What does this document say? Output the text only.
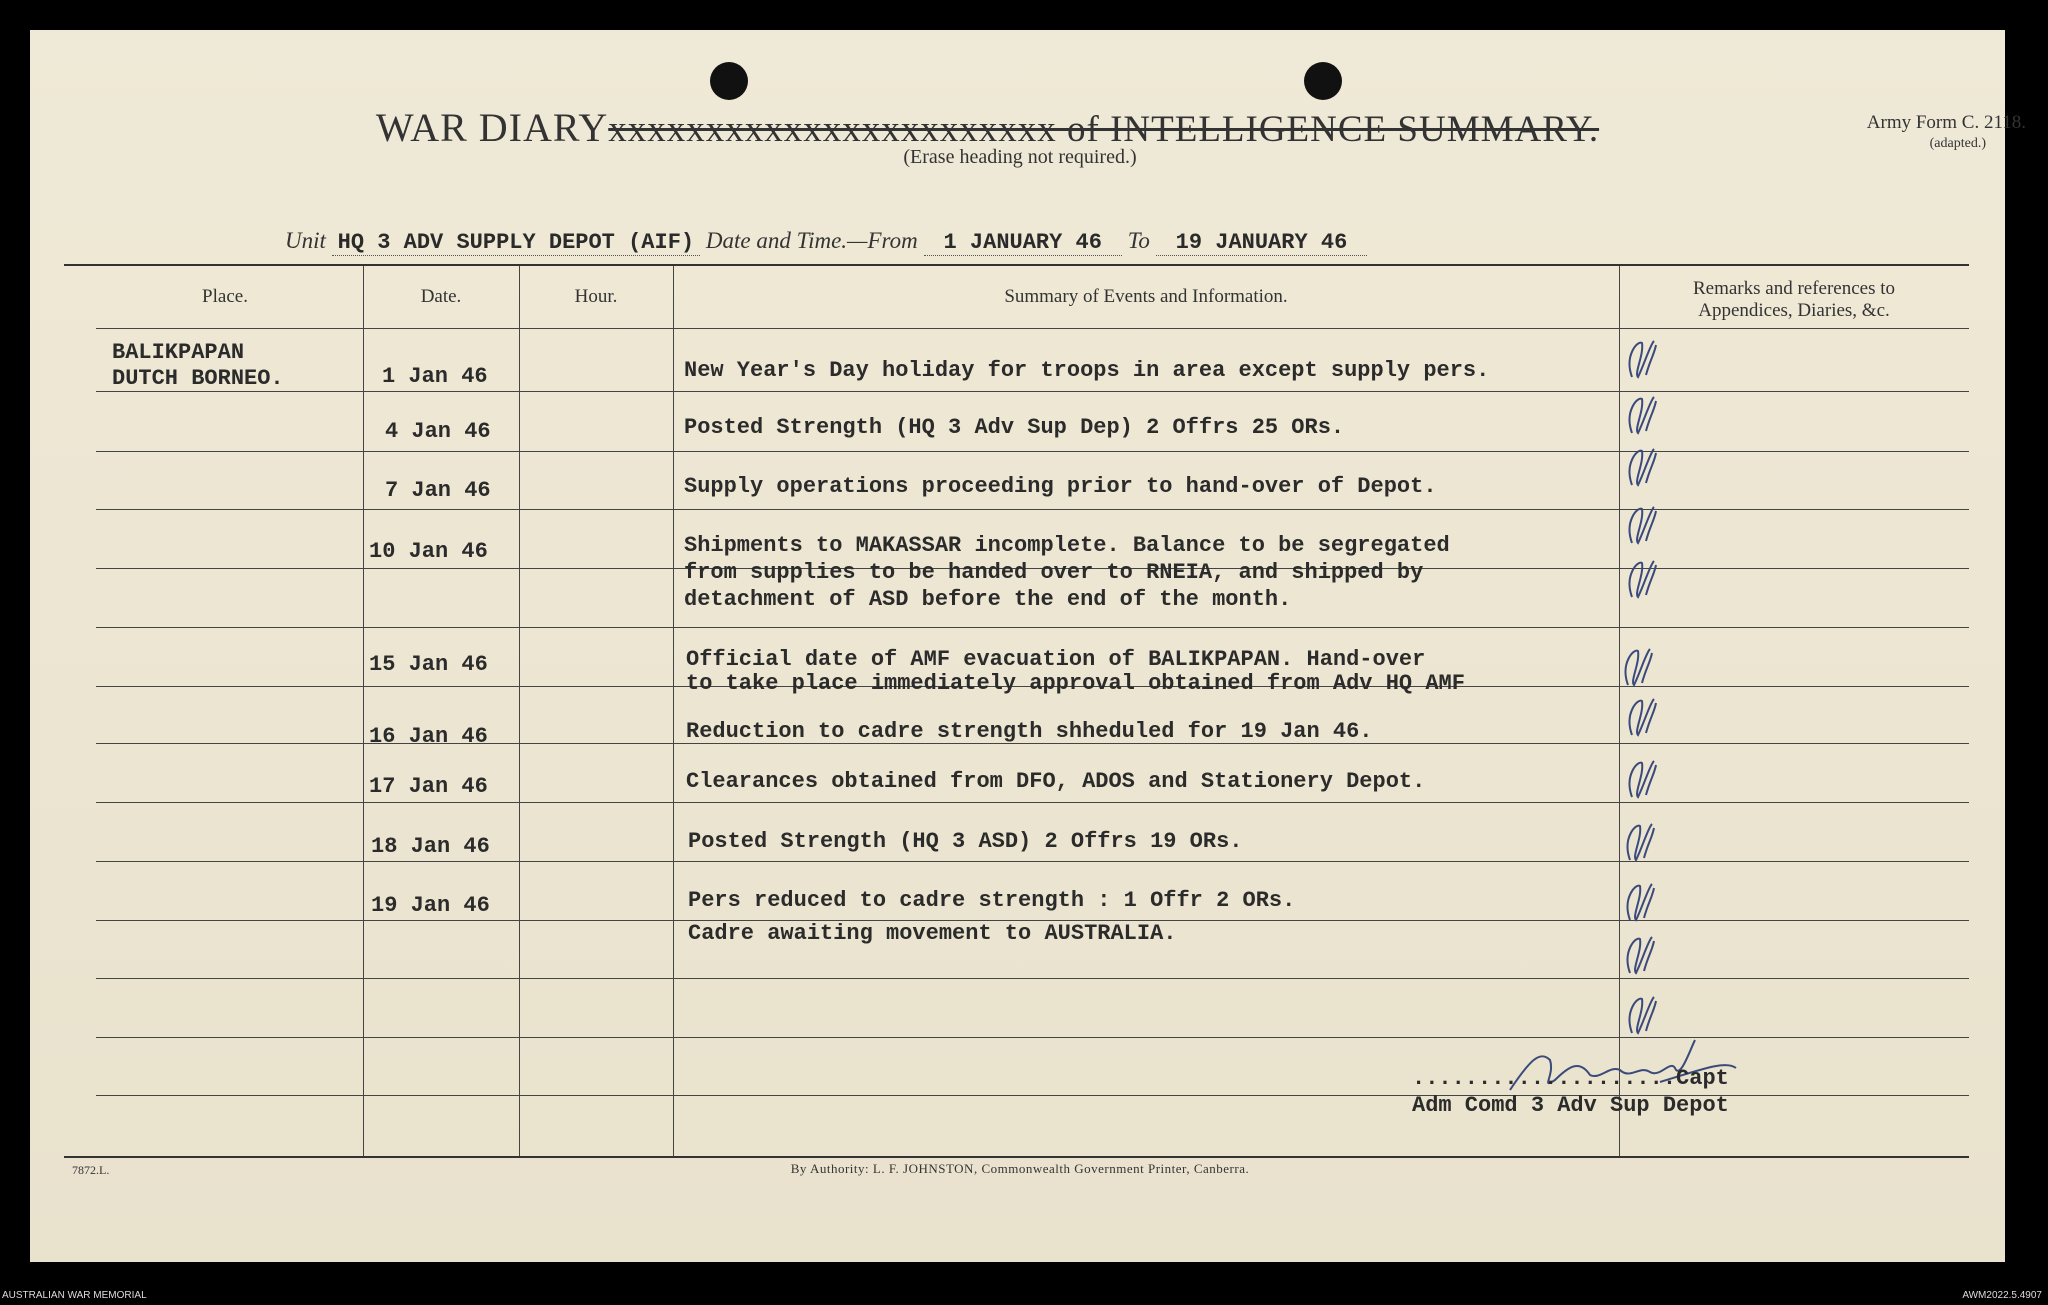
WAR DIARYxxxxxxxxxxxxxxxxxxxxxxx of INTELLIGENCE SUMMARY.
(Erase heading not required.)
Army Form C. 2118.
(adapted.)
Unit HQ 3 ADV SUPPLY DEPOT (AIF) Date and Time.—From 1 JANUARY 46 To 19 JANUARY 46
Place.	Date.	Hour.	Summary of Events and Information.	Remarks and references to
Appendices, Diaries, &c.
BALIKPAPAN
DUTCH BORNEO.	1 Jan 46	New Year's Day holiday for troops in area except supply pers.
4 Jan 46	Posted Strength (HQ 3 Adv Sup Dep) 2 Offrs 25 ORs.
7 Jan 46	Supply operations proceeding prior to hand-over of Depot.
10 Jan 46	Shipments to MAKASSAR incomplete. Balance to be segregated
from supplies to be handed over to RNEIA, and shipped by
detachment of ASD before the end of the month.
15 Jan 46	Official date of AMF evacuation of BALIKPAPAN. Hand-over
to take place immediately approval obtained from Adv HQ AMF
16 Jan 46	Reduction to cadre strength shheduled for 19 Jan 46.
17 Jan 46	Clearances obtained from DFO, ADOS and Stationery Depot.
18 Jan 46	Posted Strength (HQ 3 ASD) 2 Offrs 19 ORs.
19 Jan 46	Pers reduced to cadre strength : 1 Offr 2 ORs.
Cadre awaiting movement to AUSTRALIA.
....................Capt
Adm Comd 3 Adv Sup Depot
7872.L.	By Authority: L. F. JOHNSTON, Commonwealth Government Printer, Canberra.
AUSTRALIAN WAR MEMORIAL	AWM2022.5.4907
